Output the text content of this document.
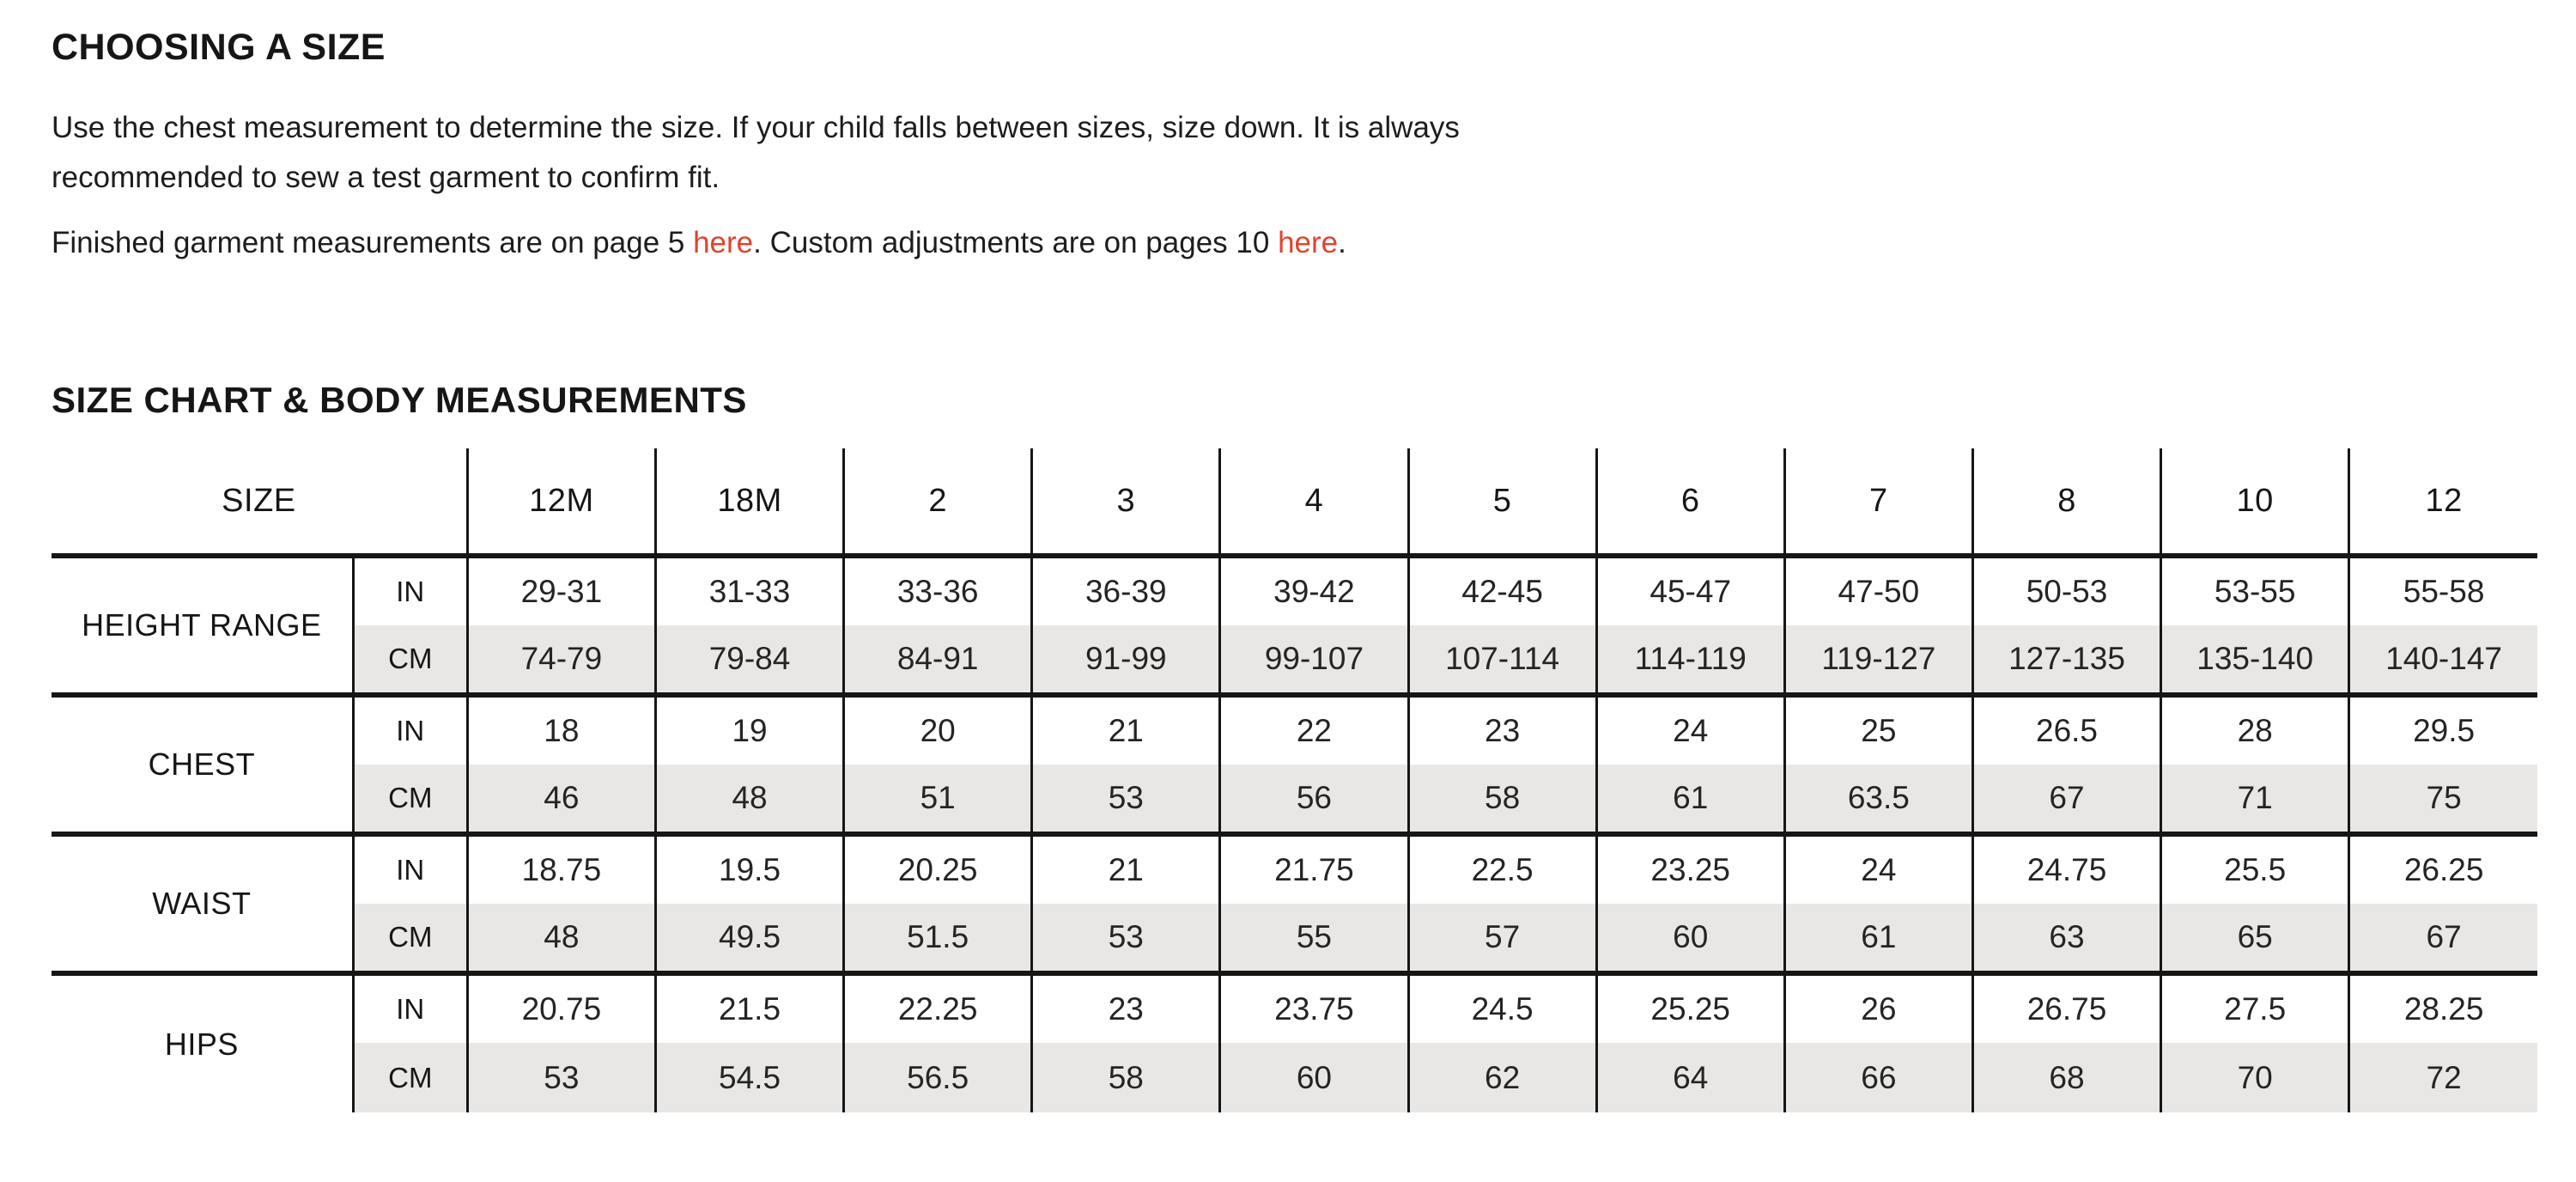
CHOOSING A SIZE
Use the chest measurement to determine the size. If your child falls between sizes, size down. It is always
recommended to sew a test garment to confirm fit.
Finished garment measurements are on page 5 here. Custom adjustments are on pages 10 here.
SIZE CHART & BODY MEASUREMENTS
SIZE		12M	18M	2	3	4	5	6	7	8	10	12
HEIGHT RANGE	IN	29-31	31-33	33-36	36-39	39-42	42-45	45-47	47-50	50-53	53-55	55-58
	CM	74-79	79-84	84-91	91-99	99-107	107-114	114-119	119-127	127-135	135-140	140-147
CHEST	IN	18	19	20	21	22	23	24	25	26.5	28	29.5
	CM	46	48	51	53	56	58	61	63.5	67	71	75
WAIST	IN	18.75	19.5	20.25	21	21.75	22.5	23.25	24	24.75	25.5	26.25
	CM	48	49.5	51.5	53	55	57	60	61	63	65	67
HIPS	IN	20.75	21.5	22.25	23	23.75	24.5	25.25	26	26.75	27.5	28.25
	CM	53	54.5	56.5	58	60	62	64	66	68	70	72
